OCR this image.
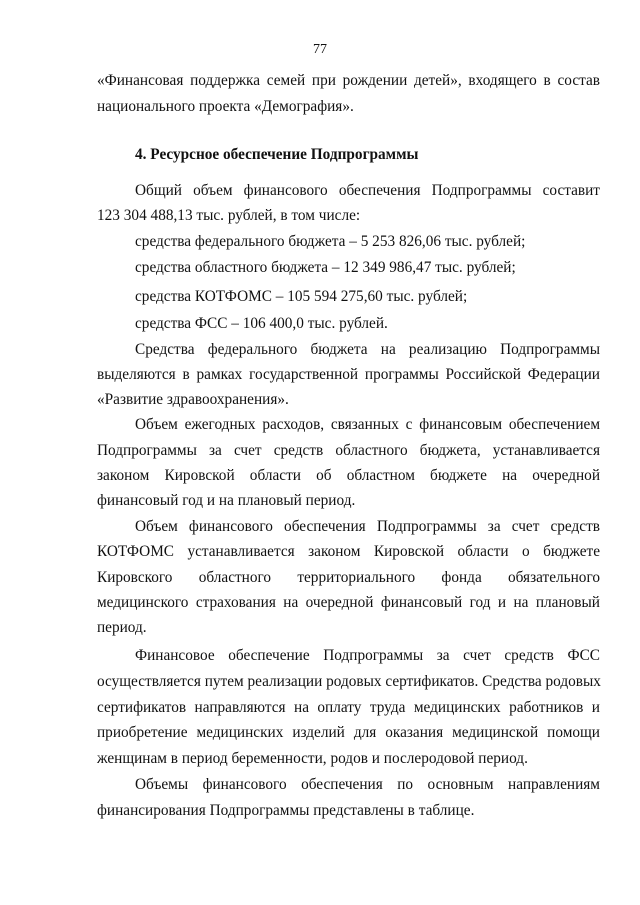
77
«Финансовая поддержка семей при рождении детей», входящего в состав
национального проекта «Демография».
4. Ресурсное обеспечение Подпрограммы
Общий объем финансового обеспечения Подпрограммы составит
123 304 488,13 тыс. рублей, в том числе:
средства федерального бюджета – 5 253 826,06 тыс. рублей;
средства областного бюджета – 12 349 986,47 тыс. рублей;
средства КОТФОМС – 105 594 275,60 тыс. рублей;
средства ФСС – 106 400,0 тыс. рублей.
Средства федерального бюджета на реализацию Подпрограммы
выделяются в рамках государственной программы Российской Федерации
«Развитие здравоохранения».
Объем ежегодных расходов, связанных с финансовым обеспечением
Подпрограммы за счет средств областного бюджета, устанавливается
законом Кировской области об областном бюджете на очередной
финансовый год и на плановый период.
Объем финансового обеспечения Подпрограммы за счет средств
КОТФОМС устанавливается законом Кировской области о бюджете
Кировского областного территориального фонда обязательного
медицинского страхования на очередной финансовый год и на плановый
период.
Финансовое обеспечение Подпрограммы за счет средств ФСС
осуществляется путем реализации родовых сертификатов. Средства родовых
сертификатов направляются на оплату труда медицинских работников и
приобретение медицинских изделий для оказания медицинской помощи
женщинам в период беременности, родов и послеродовой период.
Объемы финансового обеспечения по основным направлениям
финансирования Подпрограммы представлены в таблице.
